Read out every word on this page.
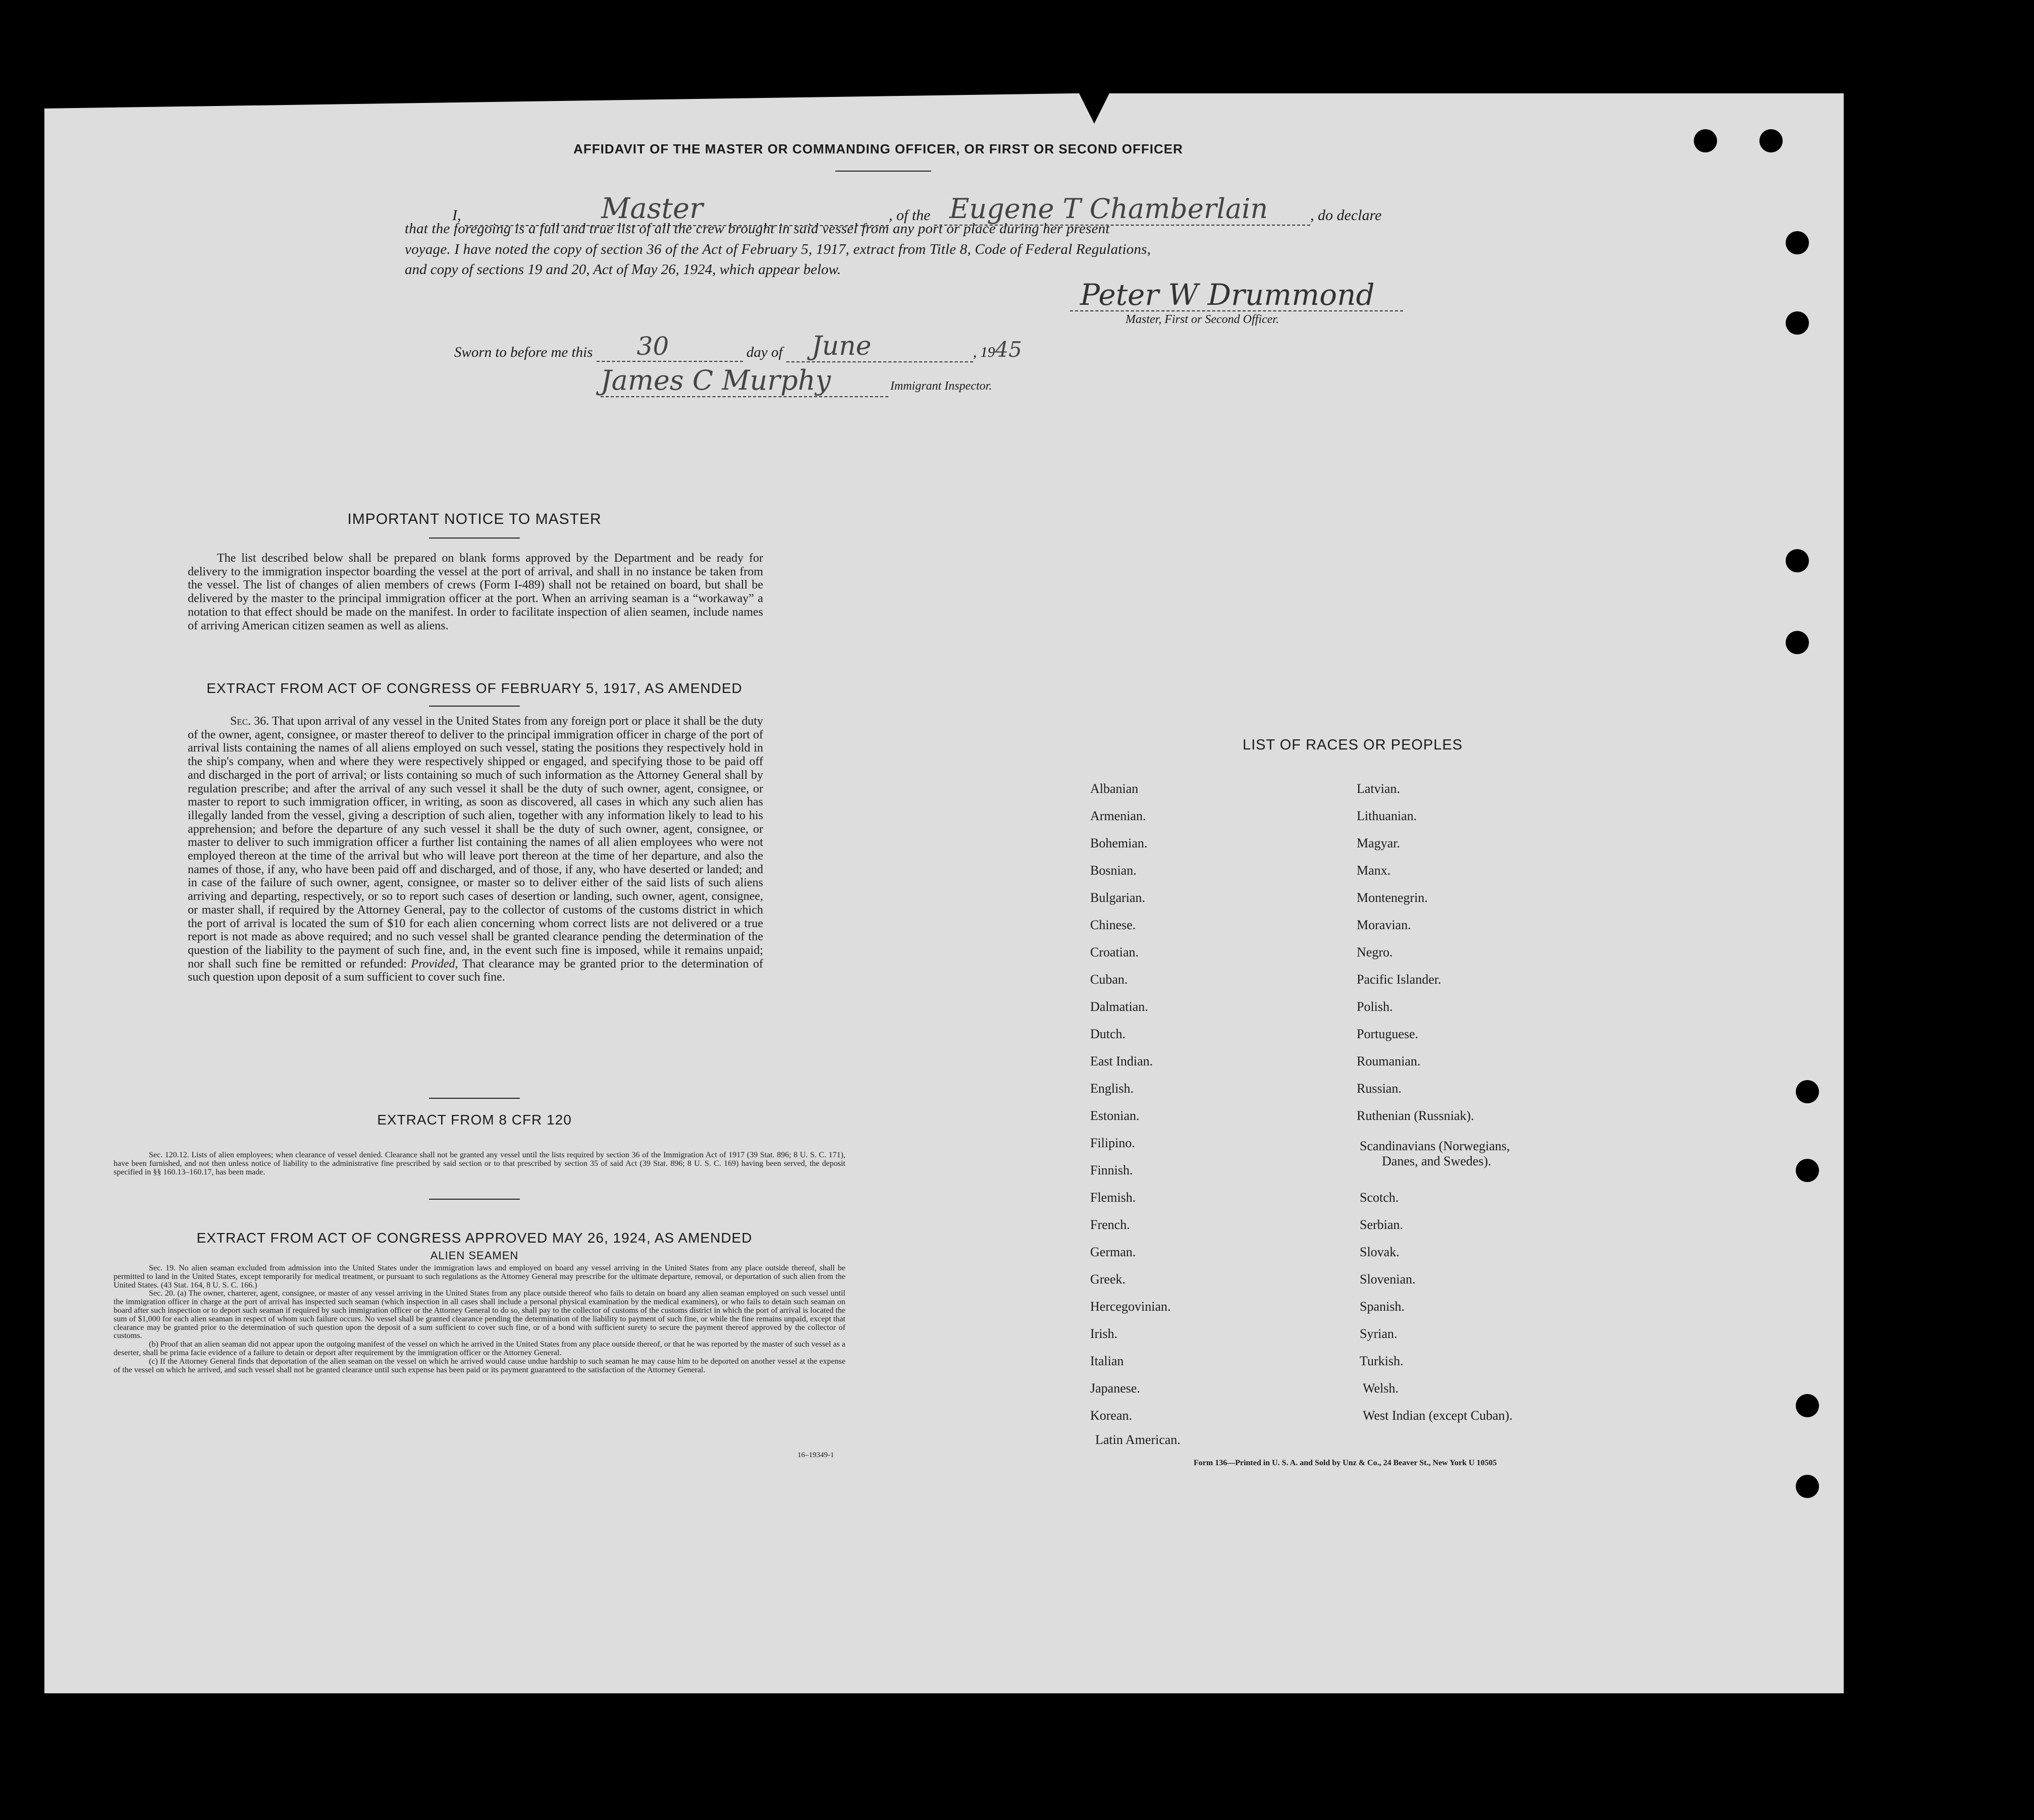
AFFIDAVIT OF THE MASTER OR COMMANDING OFFICER, OR FIRST OR SECOND OFFICER
I,	Master	, of the Eugene T Chamberlain	, do declare
that the foregoing is a full and true list of all the crew brought in said vessel from any port or place during her present
voyage. I have noted the copy of section 36 of the Act of February 5, 1917, extract from Title 8, Code of Federal Regulations,
and copy of sections 19 and 20, Act of May 26, 1924, which appear below.
Peter W Drummond
Master, First or Second Officer.
Sworn to before me this 30	day of June	, 1945
James C Murphy	Immigrant Inspector.
IMPORTANT NOTICE TO MASTER
The list described below shall be prepared on blank forms approved by the Department and be ready for delivery to the immigration inspector boarding the vessel at the port of arrival, and shall in no instance be taken from the vessel. The list of changes of alien members of crews (Form I-489) shall not be retained on board, but shall be delivered by the master to the principal immigration officer at the port. When an arriving seaman is a “workaway” a notation to that effect should be made on the manifest. In order to facilitate inspection of alien seamen, include names of arriving American citizen seamen as well as aliens.
EXTRACT FROM ACT OF CONGRESS OF FEBRUARY 5, 1917, AS AMENDED
Sec. 36. That upon arrival of any vessel in the United States from any foreign port or place it shall be the duty of the owner, agent, consignee, or master thereof to deliver to the principal immigration officer in charge of the port of arrival lists containing the names of all aliens employed on such vessel, stating the positions they respectively hold in the ship's company, when and where they were respectively shipped or engaged, and specifying those to be paid off and discharged in the port of arrival; or lists containing so much of such information as the Attorney General shall by regulation prescribe; and after the arrival of any such vessel it shall be the duty of such owner, agent, consignee, or master to report to such immigration officer, in writing, as soon as discovered, all cases in which any such alien has illegally landed from the vessel, giving a description of such alien, together with any information likely to lead to his apprehension; and before the departure of any such vessel it shall be the duty of such owner, agent, consignee, or master to deliver to such immigration officer a further list containing the names of all alien employees who were not employed thereon at the time of the arrival but who will leave port thereon at the time of her departure, and also the names of those, if any, who have been paid off and discharged, and of those, if any, who have deserted or landed; and in case of the failure of such owner, agent, consignee, or master so to deliver either of the said lists of such aliens arriving and departing, respectively, or so to report such cases of desertion or landing, such owner, agent, consignee, or master shall, if required by the Attorney General, pay to the collector of customs of the customs district in which the port of arrival is located the sum of $10 for each alien concerning whom correct lists are not delivered or a true report is not made as above required; and no such vessel shall be granted clearance pending the determination of the question of the liability to the payment of such fine, and, in the event such fine is imposed, while it remains unpaid; nor shall such fine be remitted or refunded: Provided, That clearance may be granted prior to the determination of such question upon deposit of a sum sufficient to cover such fine.
EXTRACT FROM 8 CFR 120
Sec. 120.12. Lists of alien employees; when clearance of vessel denied. Clearance shall not be granted any vessel until the lists required by section 36 of the Immigration Act of 1917 (39 Stat. 896; 8 U. S. C. 171), have been furnished, and not then unless notice of liability to the administrative fine prescribed by said section or to that prescribed by section 35 of said Act (39 Stat. 896; 8 U. S. C. 169) having been served, the deposit specified in §§ 160.13–160.17, has been made.
EXTRACT FROM ACT OF CONGRESS APPROVED MAY 26, 1924, AS AMENDED
ALIEN SEAMEN
Sec. 19. No alien seaman excluded from admission into the United States under the immigration laws and employed on board any vessel arriving in the United States from any place outside thereof, shall be permitted to land in the United States, except temporarily for medical treatment, or pursuant to such regulations as the Attorney General may prescribe for the ultimate departure, removal, or deportation of such alien from the United States. (43 Stat. 164, 8 U. S. C. 166.)
Sec. 20. (a) The owner, charterer, agent, consignee, or master of any vessel arriving in the United States from any place outside thereof who fails to detain on board any alien seaman employed on such vessel until the immigration officer in charge at the port of arrival has inspected such seaman (which inspection in all cases shall include a personal physical examination by the medical examiners), or who fails to detain such seaman on board after such inspection or to deport such seaman if required by such immigration officer or the Attorney General to do so, shall pay to the collector of customs of the customs district in which the port of arrival is located the sum of $1,000 for each alien seaman in respect of whom such failure occurs. No vessel shall be granted clearance pending the determination of the liability to payment of such fine, or while the fine remains unpaid, except that clearance may be granted prior to the determination of such question upon the deposit of a sum sufficient to cover such fine, or of a bond with sufficient surety to secure the payment thereof approved by the collector of customs.
(b) Proof that an alien seaman did not appear upon the outgoing manifest of the vessel on which he arrived in the United States from any place outside thereof, or that he was reported by the master of such vessel as a deserter, shall be prima facie evidence of a failure to detain or deport after requirement by the immigration officer or the Attorney General.
(c) If the Attorney General finds that deportation of the alien seaman on the vessel on which he arrived would cause undue hardship to such seaman he may cause him to be deported on another vessel at the expense of the vessel on which he arrived, and such vessel shall not be granted clearance until such expense has been paid or its payment guaranteed to the satisfaction of the Attorney General.
16–19349-1
LIST OF RACES OR PEOPLES
Albanian
Armenian.
Bohemian.
Bosnian.
Bulgarian.
Chinese.
Croatian.
Cuban.
Dalmatian.
Dutch.
East Indian.
English.
Estonian.
Filipino.
Finnish.
Flemish.
French.
German.
Greek.
Hercegovinian.
Irish.
Italian
Japanese.
Korean.
Latin American.
Latvian.
Lithuanian.
Magyar.
Manx.
Montenegrin.
Moravian.
Negro.
Pacific Islander.
Polish.
Portuguese.
Roumanian.
Russian.
Ruthenian (Russniak).
Scandinavians (Norwegians,
Danes, and Swedes).
Scotch.
Serbian.
Slovak.
Slovenian.
Spanish.
Syrian.
Turkish.
Welsh.
West Indian (except Cuban).
Form 136—Printed in U. S. A. and Sold by Unz & Co., 24 Beaver St., New York U 10505
